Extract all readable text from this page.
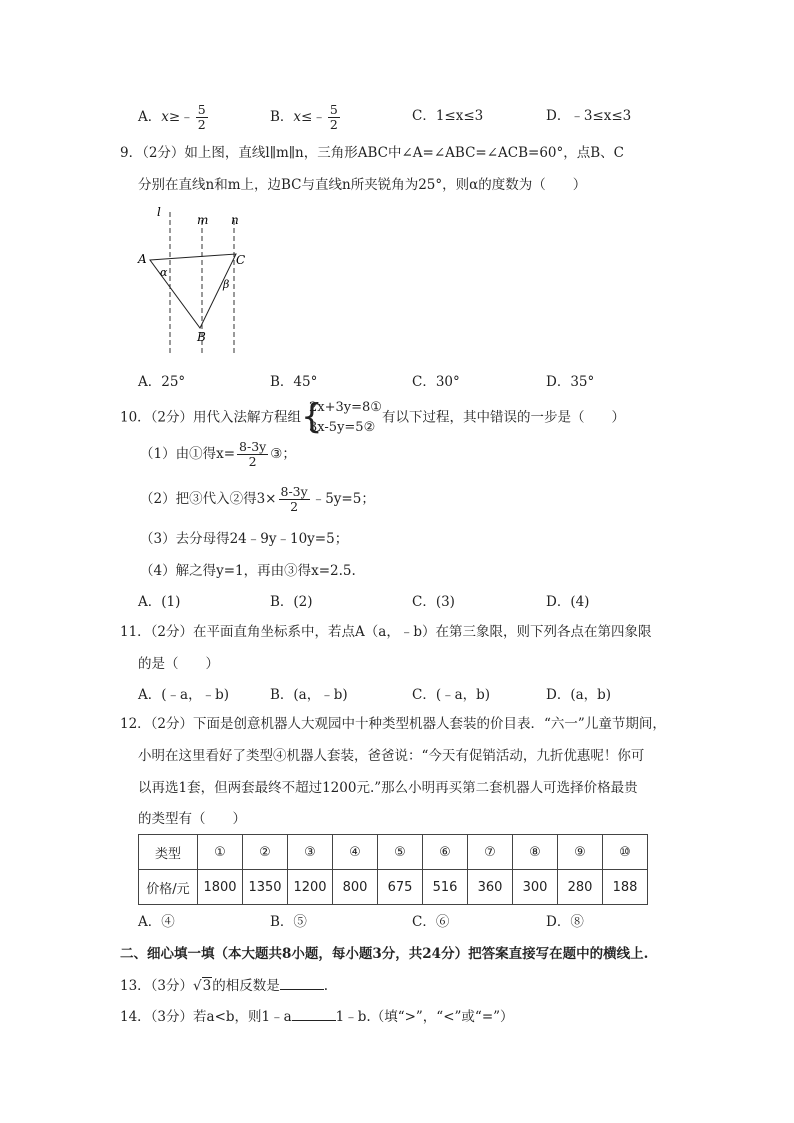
A．x≥﹣ $\frac{5}{2}$	B．x≤﹣ $\frac{5}{2}$	C．1≤x≤3	D．﹣3≤x≤3
9．（2分）如上图，直线l∥m∥n，三角形ABC中∠A=∠ABC=∠ACB=60°，点B、C
分别在直线n和m上，边BC与直线n所夹锐角为25°，则α的度数为（　　）
l
m n
A	C
B
α
β
A．25°	B．45°	C．30°	D．35°
10．（2分）用代入法解方程组 {
2x+3y=8①
3x-5y=5②
有以下过程，其中错误的一步是（　　）
（1）由①得$x= \frac{8-3y}{2}$ ③；
（2）把③代入②得$3\times \frac{8-3y}{2}$ ﹣5y=5；
（3）去分母得24﹣9y﹣10y=5；
（4）解之得y=1，再由③得x=2.5.
A．(1)	B．(2)	C．(3)	D．(4)
11．（2分）在平面直角坐标系中，若点A（a，﹣b）在第三象限，则下列各点在第四象限
的是（　　）
A．(﹣a，﹣b)	B．(a，﹣b)	C．(﹣a，b)	D．(a，b)
12．（2分）下面是创意机器人大观园中十种类型机器人套装的价目表．“六一”儿童节期间，
小明在这里看好了类型④机器人套装，爸爸说：“今天有促销活动，九折优惠呢！你可
以再选1套，但两套最终不超过1200元.”那么小明再买第二套机器人可选择价格最贵
的类型有（　　）
类型	①	②	③	④	⑤	⑥	⑦	⑧	⑨	⑩
价格/元	1800	1350	1200	800	675	516	360	300	280	188
A．④	B．⑤	C．⑥	D．⑧
二、细心填一填（本大题共8小题，每小题3分，共24分）把答案直接写在题中的横线上.
13．（3分）√3的相反数是	.
14．（3分）若a<b，则1﹣a	1﹣b.（填“>”，“<”或“=”）
